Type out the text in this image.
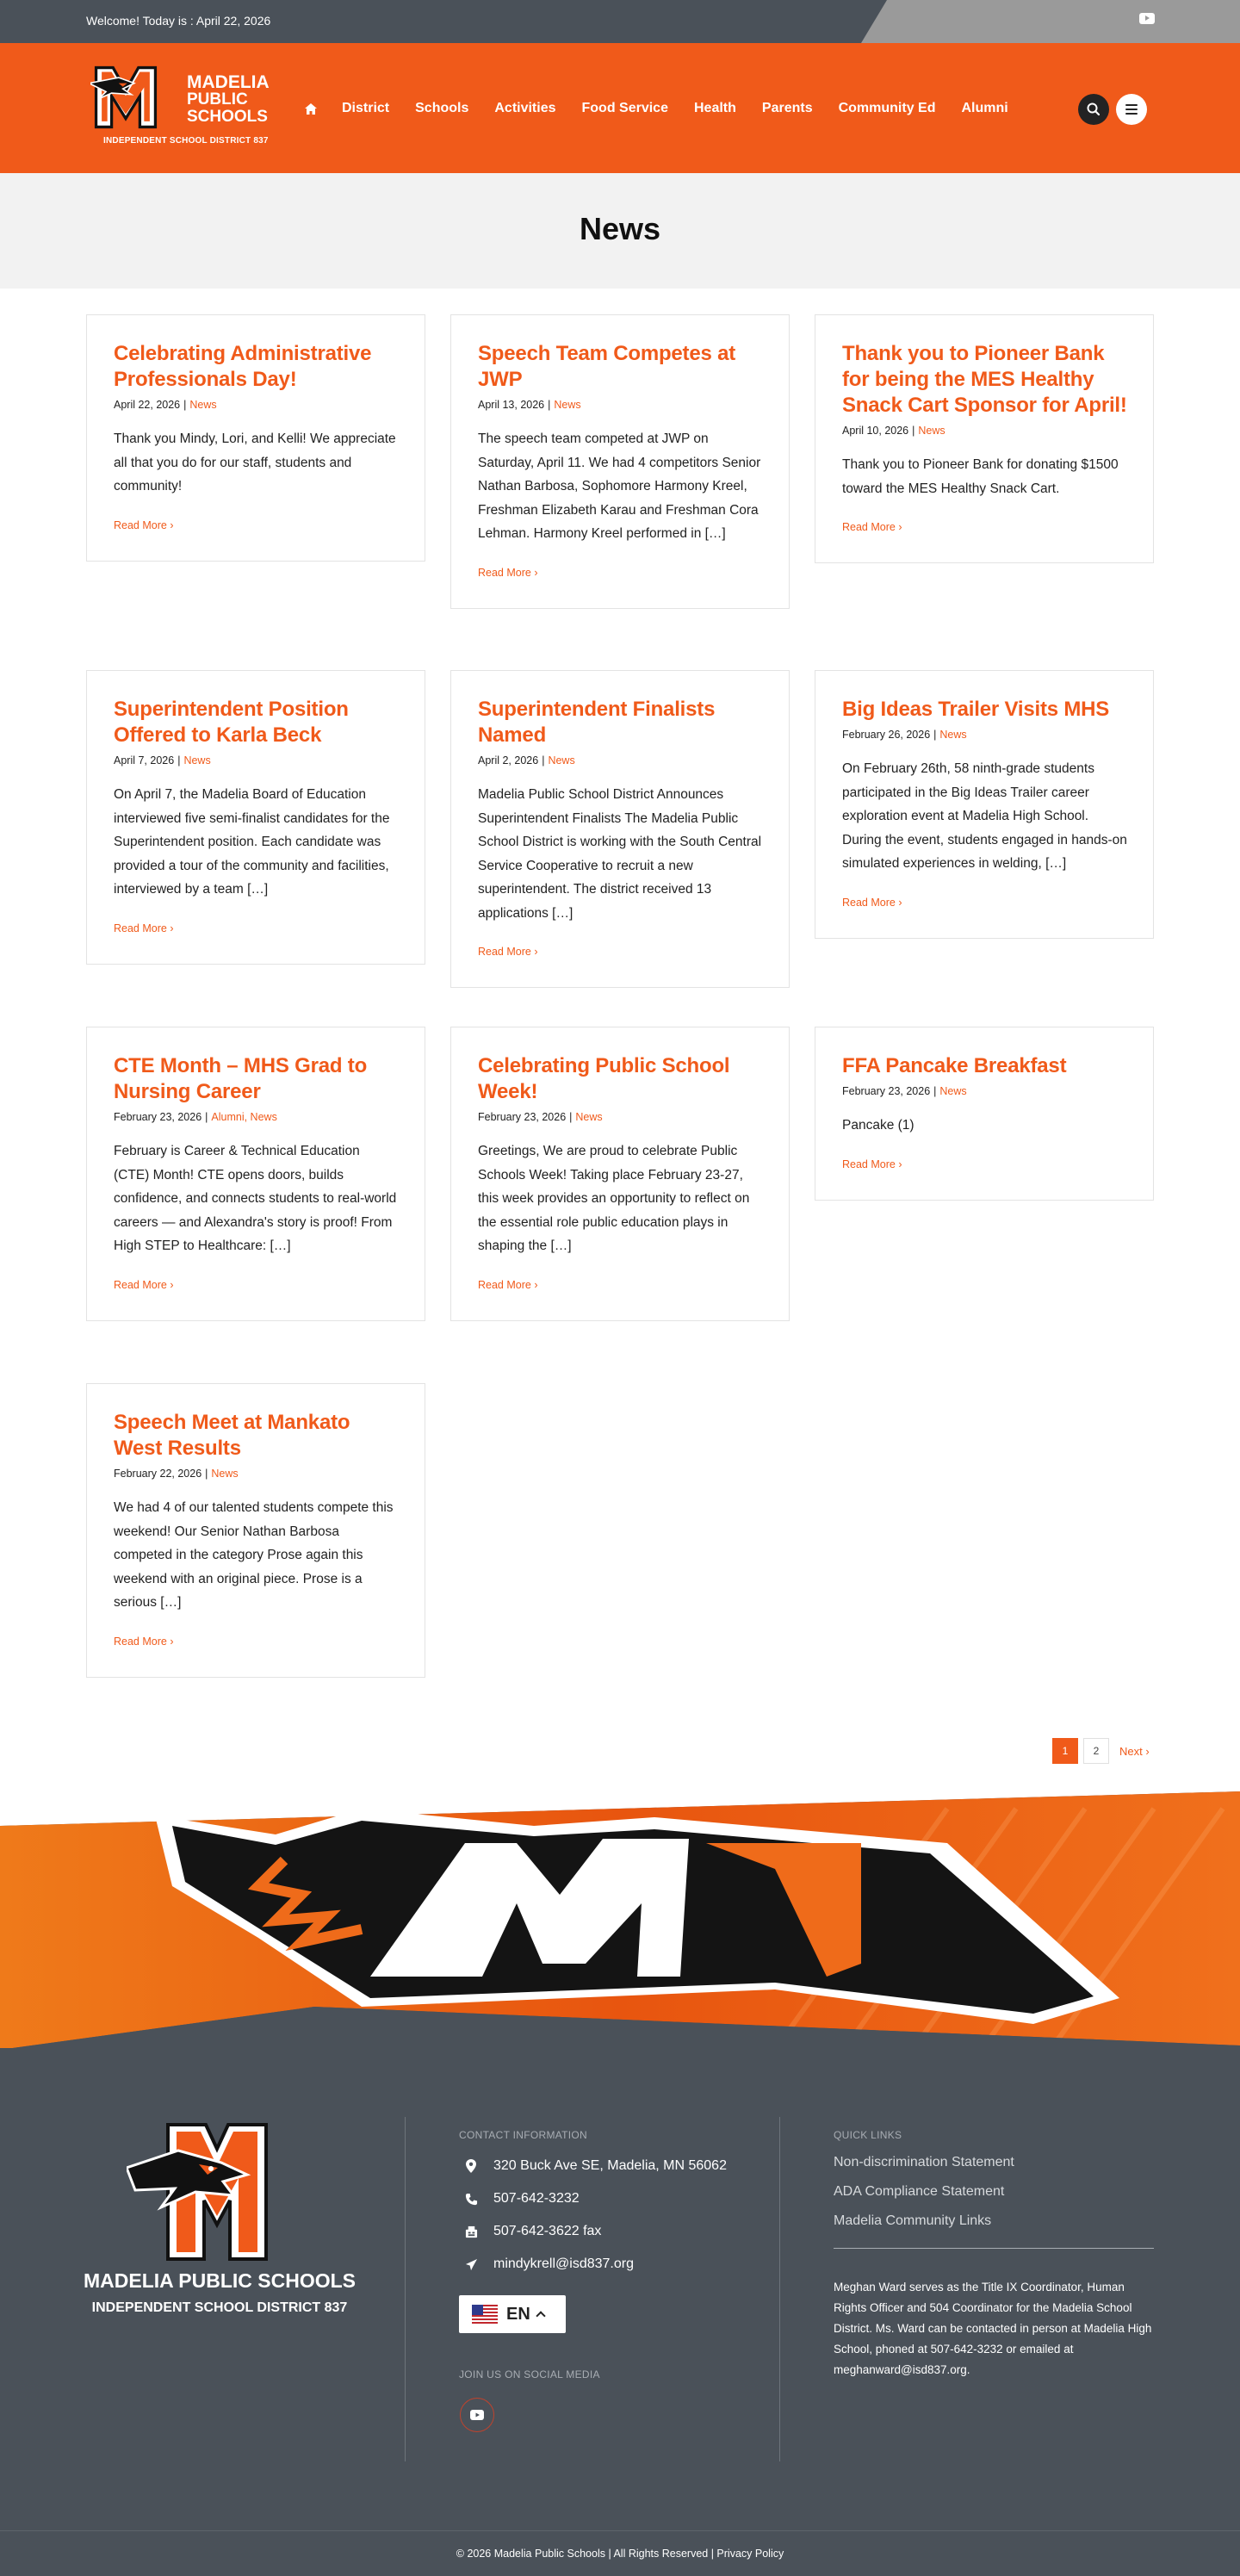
Welcome! Today is : April 22, 2026
MADELIA
PUBLIC
SCHOOLS
INDEPENDENT SCHOOL DISTRICT 837
District Schools Activities Food Service Health Parents Community Ed Alumni
News
Celebrating Administrative Professionals Day!
April 22, 2026 | News

Thank you Mindy, Lori, and Kelli! We appreciate all that you do for our staff, students and community!

Read More ›
Speech Team Competes at JWP
April 13, 2026 | News

The speech team competed at JWP on Saturday, April 11. We had 4 competitors Senior Nathan Barbosa, Sophomore Harmony Kreel, Freshman Elizabeth Karau and Freshman Cora Lehman. Harmony Kreel performed in […]

Read More ›
Thank you to Pioneer Bank for being the MES Healthy Snack Cart Sponsor for April!
April 10, 2026 | News

Thank you to Pioneer Bank for donating $1500 toward the MES Healthy Snack Cart.

Read More ›
Superintendent Position Offered to Karla Beck
April 7, 2026 | News

On April 7, the Madelia Board of Education interviewed five semi-finalist candidates for the Superintendent position. Each candidate was provided a tour of the community and facilities, interviewed by a team […]

Read More ›
Superintendent Finalists Named
April 2, 2026 | News

Madelia Public School District Announces Superintendent Finalists The Madelia Public School District is working with the South Central Service Cooperative to recruit a new superintendent. The district received 13 applications […]

Read More ›
Big Ideas Trailer Visits MHS
February 26, 2026 | News

On February 26th, 58 ninth-grade students participated in the Big Ideas Trailer career exploration event at Madelia High School. During the event, students engaged in hands-on simulated experiences in welding, […]

Read More ›
CTE Month – MHS Grad to Nursing Career
February 23, 2026 | Alumni, News

February is Career & Technical Education (CTE) Month! CTE opens doors, builds confidence, and connects students to real-world careers — and Alexandra's story is proof! From High STEP to Healthcare: […]

Read More ›
Celebrating Public School Week!
February 23, 2026 | News

Greetings, We are proud to celebrate Public Schools Week! Taking place February 23-27, this week provides an opportunity to reflect on the essential role public education plays in shaping the […]

Read More ›
FFA Pancake Breakfast
February 23, 2026 | News

Pancake (1)

Read More ›
Speech Meet at Mankato West Results
February 22, 2026 | News

We had 4 of our talented students compete this weekend! Our Senior Nathan Barbosa competed in the category Prose again this weekend with an original piece. Prose is a serious […]

Read More ›
1	2	Next ›
MADELIA PUBLIC SCHOOLS
INDEPENDENT SCHOOL DISTRICT 837
CONTACT INFORMATION
320 Buck Ave SE, Madelia, MN 56062
507-642-3232
507-642-3622 fax
mindykrell@isd837.org
EN
JOIN US ON SOCIAL MEDIA
QUICK LINKS
Non-discrimination Statement
ADA Compliance Statement
Madelia Community Links

Meghan Ward serves as the Title IX Coordinator, Human Rights Officer and 504 Coordinator for the Madelia School District. Ms. Ward can be contacted in person at Madelia High School, phoned at 507-642-3232 or emailed at meghanward@isd837.org.

© 2026 Madelia Public Schools | All Rights Reserved | Privacy Policy
